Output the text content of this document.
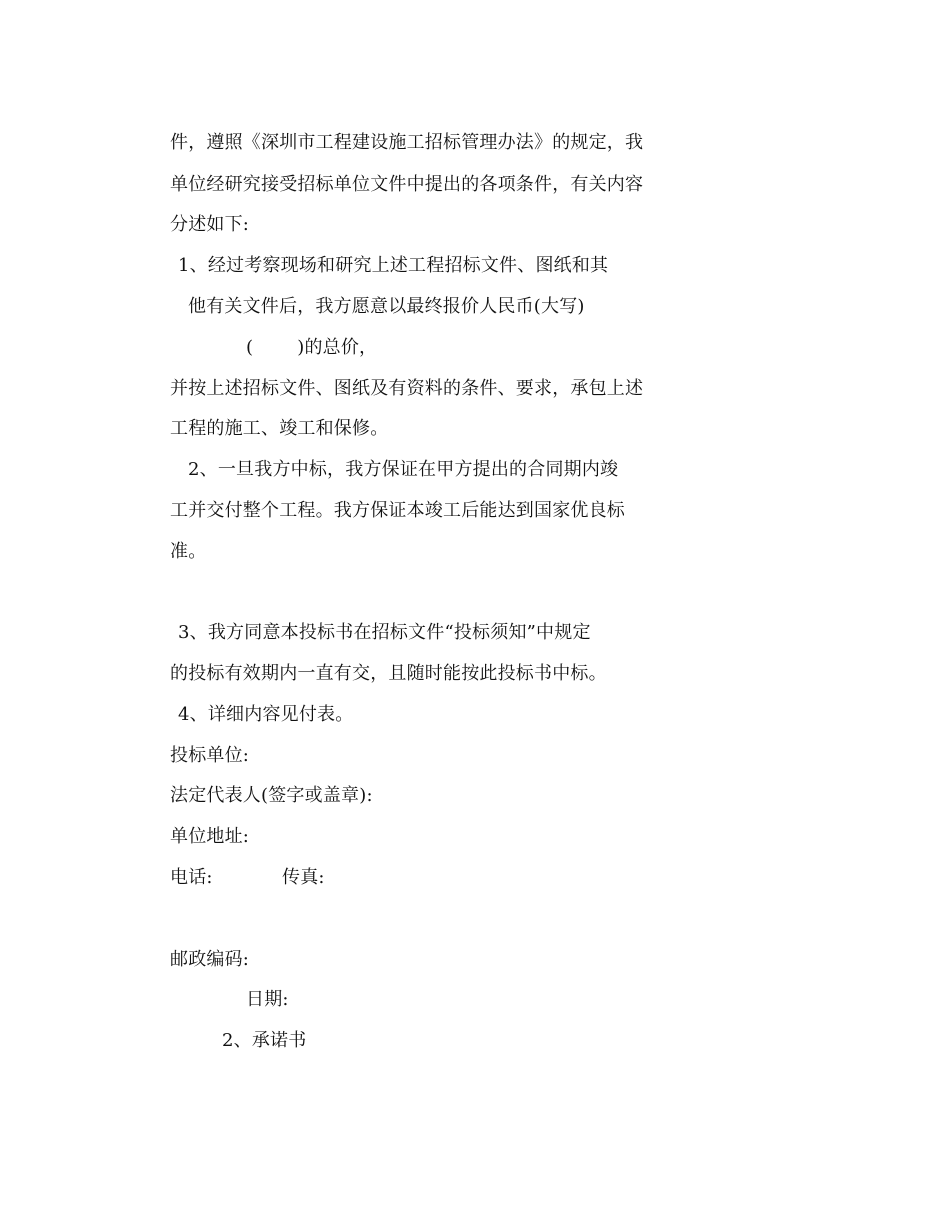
件，遵照《深圳市工程建设施工招标管理办法》的规定，我
单位经研究接受招标单位文件中提出的各项条件，有关内容
分述如下:
1、经过考察现场和研究上述工程招标文件、图纸和其
他有关文件后，我方愿意以最终报价人民币(大写)
( )的总价，
并按上述招标文件、图纸及有资料的条件、要求，承包上述
工程的施工、竣工和保修。
2、一旦我方中标，我方保证在甲方提出的合同期内竣
工并交付整个工程。我方保证本竣工后能达到国家优良标
准。
3、我方同意本投标书在招标文件“投标须知”中规定
的投标有效期内一直有交，且随时能按此投标书中标。
4、详细内容见付表。
投标单位:
法定代表人(签字或盖章):
单位地址:
电话:	传真:
邮政编码:
日期:
2、承诺书
